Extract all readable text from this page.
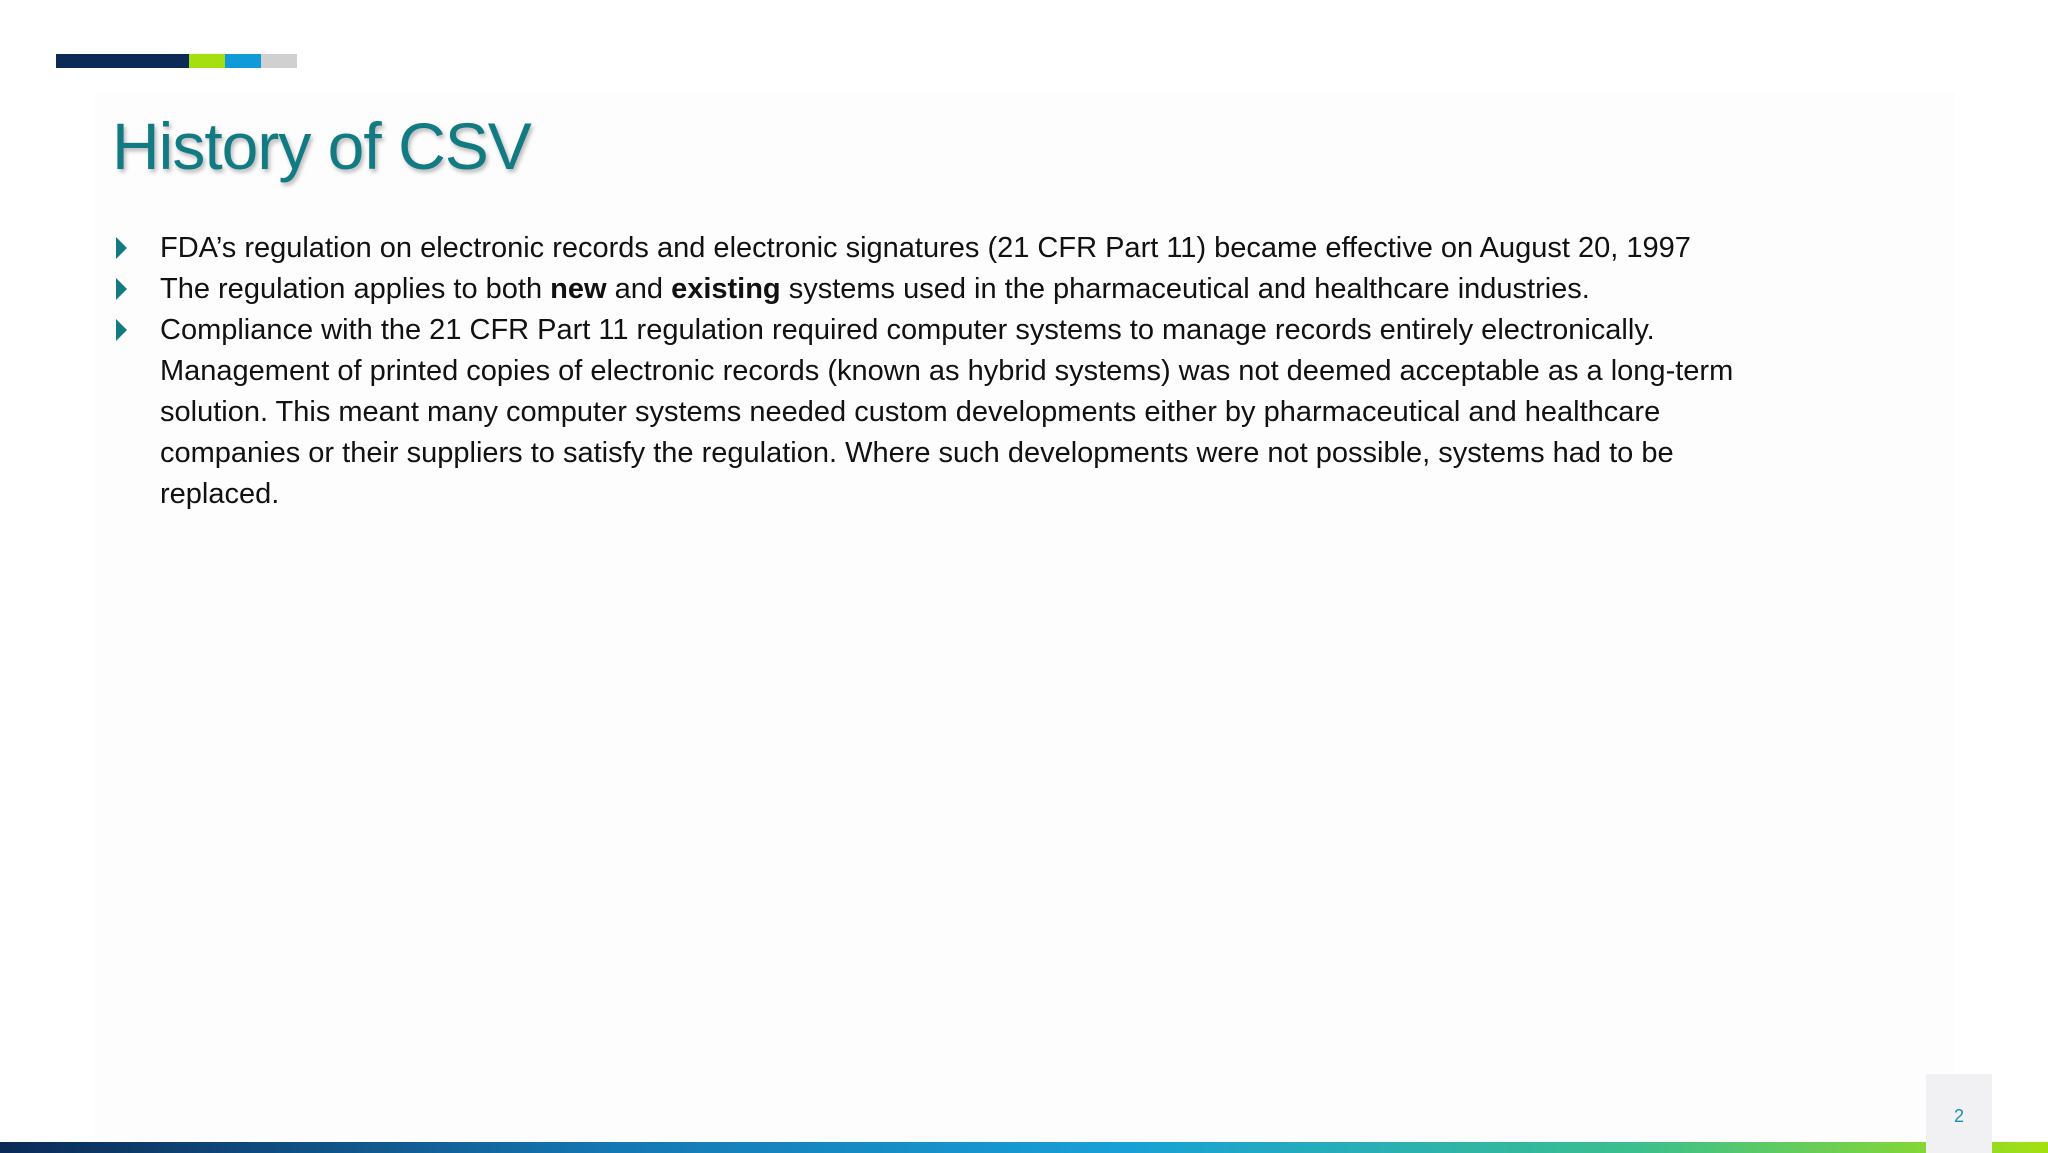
History of CSV
FDA’s regulation on electronic records and electronic signatures (21 CFR Part 11) became effective on August 20, 1997
The regulation applies to both new and existing systems used in the pharmaceutical and healthcare industries.
Compliance with the 21 CFR Part 11 regulation required computer systems to manage records entirely electronically. Management of printed copies of electronic records (known as hybrid systems) was not deemed acceptable as a long-term solution. This meant many computer systems needed custom developments either by pharmaceutical and healthcare companies or their suppliers to satisfy the regulation. Where such developments were not possible, systems had to be replaced.
2
